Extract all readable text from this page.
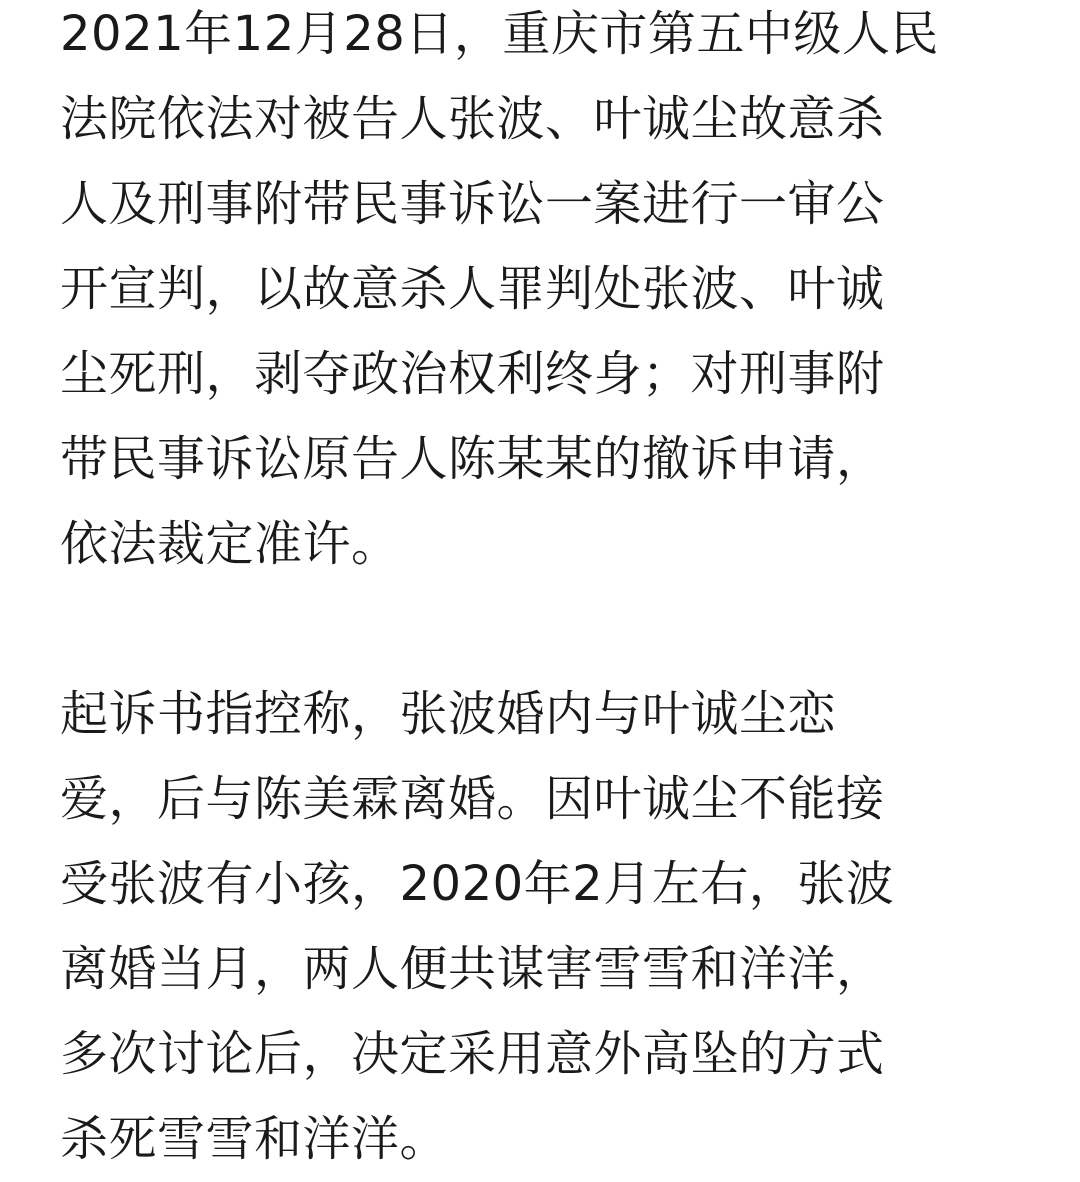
2021年12月28日，重庆市第五中级人民
法院依法对被告人张波、叶诚尘故意杀
人及刑事附带民事诉讼一案进行一审公
开宣判，以故意杀人罪判处张波、叶诚
尘死刑，剥夺政治权利终身；对刑事附
带民事诉讼原告人陈某某的撤诉申请，
依法裁定准许。

起诉书指控称，张波婚内与叶诚尘恋
爱，后与陈美霖离婚。因叶诚尘不能接
受张波有小孩，2020年2月左右，张波
离婚当月，两人便共谋害雪雪和洋洋，
多次讨论后，决定采用意外高坠的方式
杀死雪雪和洋洋。
